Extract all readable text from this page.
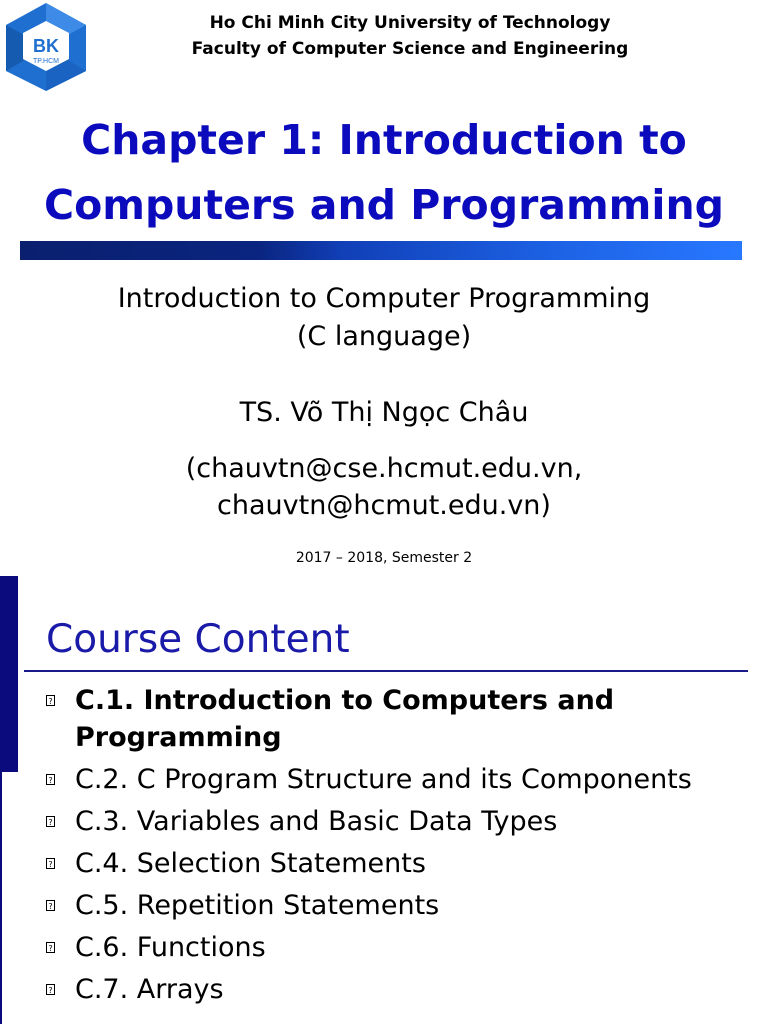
BK
TP.HCM
Ho Chi Minh City University of Technology
Faculty of Computer Science and Engineering
Chapter 1: Introduction to
Computers and Programming
Introduction to Computer Programming
(C language)
TS. Võ Thị Ngọc Châu
(chauvtn@cse.hcmut.edu.vn,
chauvtn@hcmut.edu.vn)
2017 – 2018, Semester 2
Course Content
? C.1. Introduction to Computers and Programming
? C.2. C Program Structure and its Components
? C.3. Variables and Basic Data Types
? C.4. Selection Statements
? C.5. Repetition Statements
? C.6. Functions
? C.7. Arrays
